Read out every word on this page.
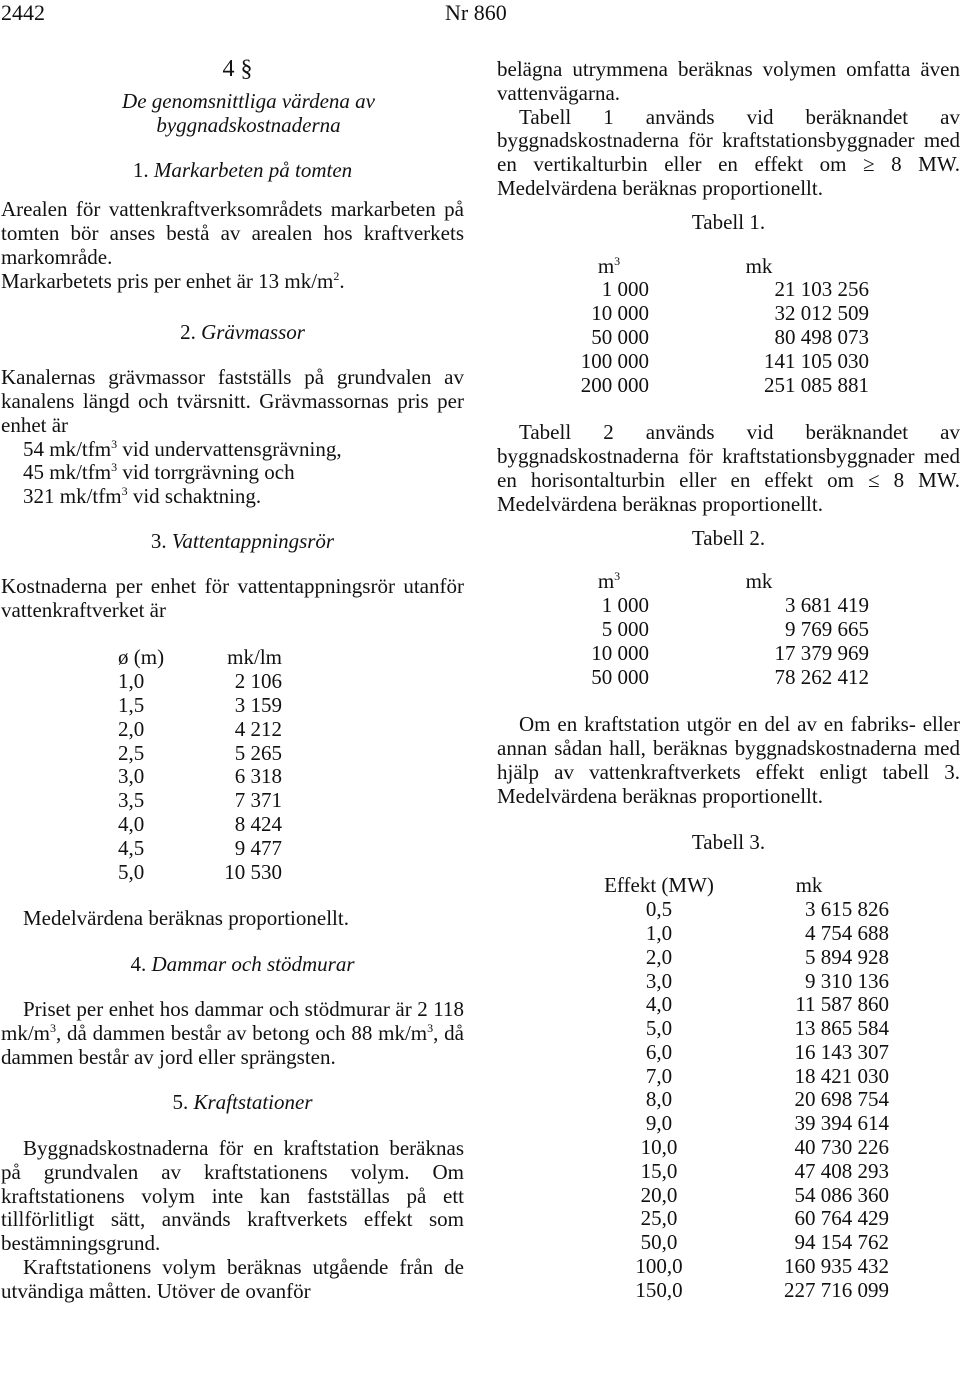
2442	Nr 860

4 §

De genomsnittliga värdena av byggnadskostnaderna

1. Markarbeten på tomten

Arealen för vattenkraftverksområdets markarbeten på tomten bör anses bestå av arealen hos kraftverkets markområde.

Markarbetets pris per enhet är 13 $mk/m^2$.

2. Grävmassor

Kanalernas grävmassor fastställs på grundvalen av kanalens längd och tvärsnitt. Grävmassornas pris per enhet är

54 mk/tfm$^3$ vid undervattensgrävning,

45 mk/tfm$^3$ vid torrgrävning och

321 mk/tfm$^3$ vid schaktning.

3. Vattentappningsrör

Kostnaderna per enhet för vattentappningsrör utanför vattenkraftverket är

ø (m)	mk/lm
1,0	2 106
1,5	3 159
2,0	4 212
2,5	5 265
3,0	6 318
3,5	7 371
4,0	8 424
4,5	9 477
5,0	10 530

Medelvärdena beräknas proportionellt.

4. Dammar och stödmurar

Priset per enhet hos dammar och stödmurar är 2 118 $mk/m^3$, då dammen består av betong och 88 $mk/m^3$, då dammen består av jord eller sprängsten.

5. Kraftstationer

Byggnadskostnaderna för en kraftstation beräknas på grundvalen av kraftstationens volym. Om kraftstationens volym inte kan fastställas på ett tillförlitligt sätt, används kraftverkets effekt som bestämningsgrund.

Kraftstationens volym beräknas utgående från de utvändiga måtten. Utöver de ovanför

belägna utrymmena beräknas volymen omfatta även vattenvägarna.

Tabell 1 används vid beräknandet av byggnadskostnaderna för kraftstationsbyggnader med en vertikalturbin eller en effekt om ≥ 8 MW. Medelvärdena beräknas proportionellt.

Tabell 1.

$m^3$	mk
1 000	21 103 256
10 000	32 012 509
50 000	80 498 073
100 000	141 105 030
200 000	251 085 881

Tabell 2 används vid beräknandet av byggnadskostnaderna för kraftstationsbyggnader med en horisontalturbin eller en effekt om ≤ 8 MW. Medelvärdena beräknas proportionellt.

Tabell 2.

$m^3$	mk
1 000	3 681 419
5 000	9 769 665
10 000	17 379 969
50 000	78 262 412

Om en kraftstation utgör en del av en fabriks- eller annan sådan hall, beräknas byggnadskostnaderna med hjälp av vattenkraftverkets effekt enligt tabell 3. Medelvärdena beräknas proportionellt.

Tabell 3.

Effekt (MW)	mk
0,5	3 615 826
1,0	4 754 688
2,0	5 894 928
3,0	9 310 136
4,0	11 587 860
5,0	13 865 584
6,0	16 143 307
7,0	18 421 030
8,0	20 698 754
9,0	39 394 614
10,0	40 730 226
15,0	47 408 293
20,0	54 086 360
25,0	60 764 429
50,0	94 154 762
100,0	160 935 432
150,0	227 716 099
